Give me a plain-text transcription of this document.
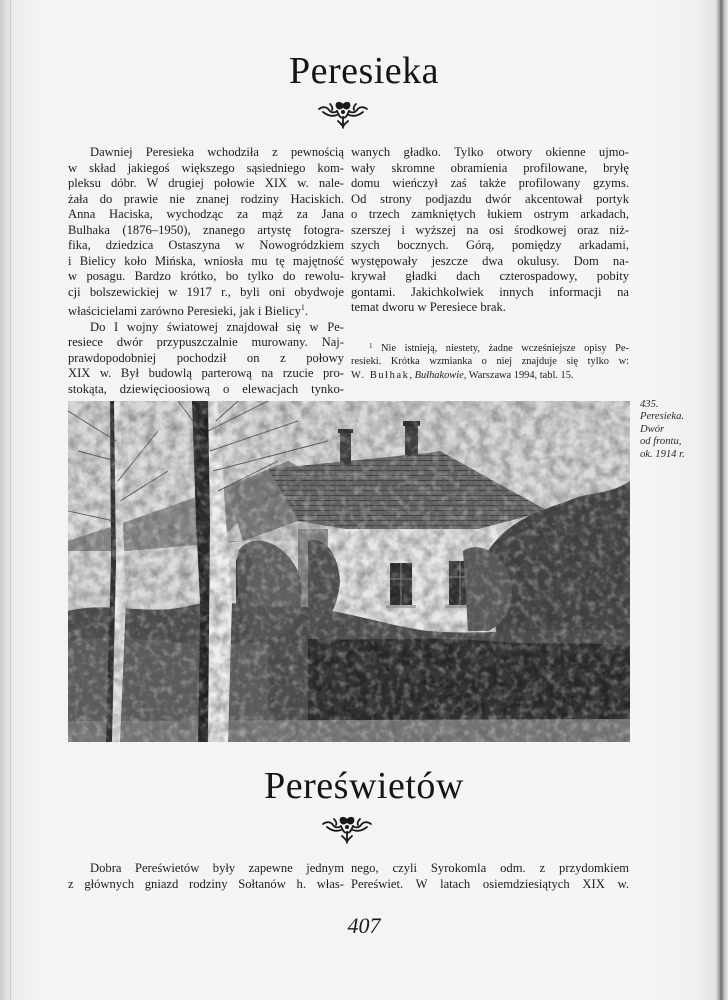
Peresieka
Dawniej Peresieka wchodziła z pewnością
w skład jakiegoś większego sąsiedniego kom-
pleksu dóbr. W drugiej połowie XIX w. nale-
żała do prawie nie znanej rodziny Haciskich.
Anna Haciska, wychodząc za mąż za Jana
Bulhaka (1876–1950), znanego artystę fotogra-
fika, dziedzica Ostaszyna w Nowogródzkiem
i Bielicy koło Mińska, wniosła mu tę majętność
w posagu. Bardzo krótko, bo tylko do rewolu-
cji bolszewickiej w 1917 r., byli oni obydwoje
właścicielami zarówno Peresieki, jak i Bielicy$^1$.
Do I wojny światowej znajdował się w Pe-
resiece dwór przypuszczalnie murowany. Naj-
prawdopodobniej pochodził on z połowy
XIX w. Był budowlą parterową na rzucie pro-
stokąta, dziewięcioosiową o elewacjach tynko-
wanych gładko. Tylko otwory okienne ujmo-
wały skromne obramienia profilowane, bryłę
domu wieńczył zaś także profilowany gzyms.
Od strony podjazdu dwór akcentował portyk
o trzech zamkniętych łukiem ostrym arkadach,
szerszej i wyższej na osi środkowej oraz niż-
szych bocznych. Górą, pomiędzy arkadami,
występowały jeszcze dwa okulusy. Dom na-
krywał gładki dach czterospadowy, pobity
gontami. Jakichkolwiek innych informacji na
temat dworu w Peresiece brak.
$^1$ Nie istnieją, niestety, żadne wcześniejsze opisy Pe-
resieki. Krótka wzmianka o niej znajduje się tylko w:
W. Bułhak, Bułhakowie, Warszawa 1994, tabl. 15.
435.
Peresieka.
Dwór
od frontu,
ok. 1914 r.
Pereświetów
Dobra Pereświetów były zapewne jednym
z głównych gniazd rodziny Sołtanów h. włas-
nego, czyli Syrokomla odm. z przydomkiem
Pereświet. W latach osiemdziesiątych XIX w.
407
